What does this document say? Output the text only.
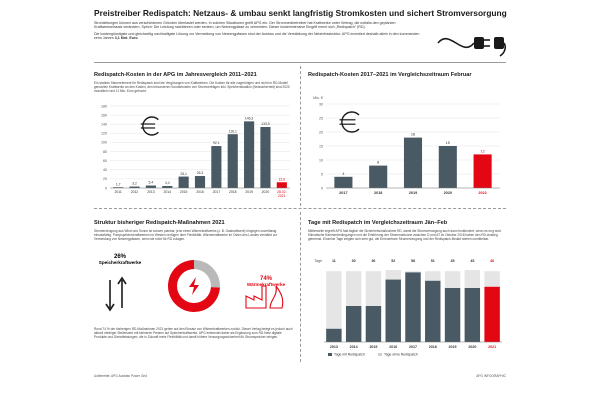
Preistreiber Redispatch: Netzaus- & umbau senkt langfristig Stromkosten und sichert Stromversorgung

Stromleitungen können aus verschiedenen Gründen überlastet werden. In solchen Situationen greift APG ein. Der Stromnetzbetreiber hat Kraftwerke unter Vertrag, die notfalls den geplanten Kraftwerkseinsatz verändern. Sprich: Die Leistung nachfahren oder senken, um Netzengpässe zu vermeiden. Dieser kostenintensive Eingriff nennt sich „Redispatch" (RD).

Die kostengünstigste und gleichzeitig nachhaltigste Lösung zur Vermeidung von Netzengpässen sind der Ausbau und die Verstärkung der Netzinfrastruktur. APG investiert deshalb allein in den kommenden zehn Jahren 3,1 Mrd. Euro.

Redispatch-Kosten in der APG im Jahresvergleich 2011–2021
Ein starkes Steuerelement für Redispatch sind die Vergütungen von Kraftwerken. Die Kosten für alle zugehörigen und nicht im RD-Modell genutzten Kraftwerke an den Kosten, den besonderen Sonderkosten von Stromverträgen inkl. Speichersituation (Netzsicherheit) sind 2020 monatlich rund 11 Mio. Euro gebucht.
0
20
40
60
80
100
120
140
160
180
1,7
2011
3,2
2012
5,4
2013
4,4
2014
25,1
2015
26,3
2016
92,1
2017
118,1
2018
146,3
2019
133,9
2020
12,6
28.02.
2021
Redispatch-Kosten 2017–2021 im Vergleichszeitraum Februar
Mio. €
0
5
10
15
20
25
30
4
2017
8
2018
18
2019
15
2020
12
2021
Struktur bisheriger Redispatch-Maßnahmen 2021
Stromerzeugung aus Wind und Sonne ist schwer planbar, jene eines Wärmekraftwerks (z. B. Gaskraftwerk) hingegen zuverlässig einsatzfähig. Pumpspeicherkraftwerken im Westen verfügen über Flexibilität, Wärmekraftwerke im Osten des Landes verstärkt zur Vermeidung von Netzengpässen, wenn sie nicht für RD zulagen.
26%
Speicherkraftwerke
74%
Wärmekraftwerke
Rund 74 % der bisherigen RD-Maßnahmen 2021 gehen auf den Einsatz von Wärmekraftwerken zurück. Dieser Verlag belegt es jedoch auch aktuell niedriger Stellenwert mit kleineren Preisen auf Speicherkraftwerke. APG entsendet daher als Ergänzung zum RD-Netz digitale Produkte und Dienstleistungen, die in Zukunft mehr Flexibilität und damit höhere Versorgungssicherheit für Stromspeicher bringen.
Tage mit Redispatch im Vergleichszeitraum Jän–Feb
Mittlerweile ergreift APG fast täglich die Sicherheitsmaßnahme RD, damit die Stromversorgung auch dann funktioniert, wenn es eng wird. Klimatische Rahmenbedingungen und die Einführung der Strommarkzone zwischen D und AT im Oktober 2018 haben den RD-Anstieg gebremst. Einzelne Tage zeigten sich sehr gut, die Erneuerbare Stromerzeugung und der Redispatch-Bedarf stehen unmittelbar.
Tage	11
2013
30
2014
30
2015
52
2016
58
2017
51
2018
45
2019
45
2020
46
2021
Tage mit Redispatch	Tage ohne Redispatch
Aufbereitet: APG Austrian Power Grid	APG INFOGRAPHIC
